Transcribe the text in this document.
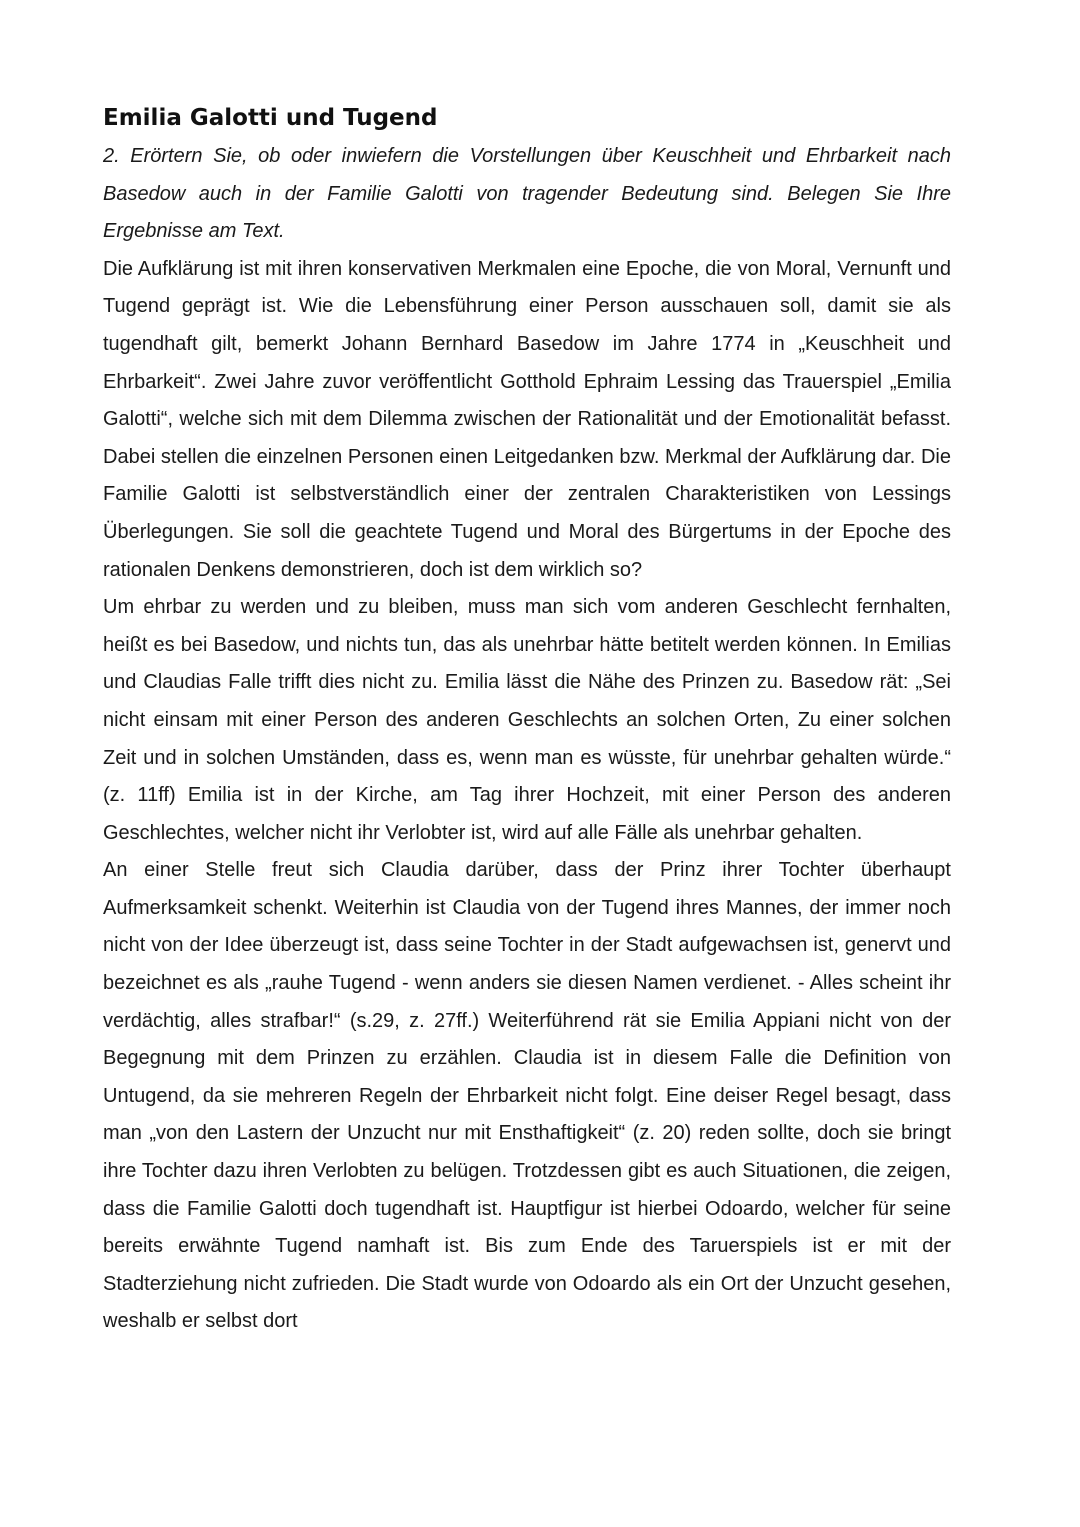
Emilia Galotti und Tugend

2. Erörtern Sie, ob oder inwiefern die Vorstellungen über Keuschheit und Ehrbarkeit nach Basedow auch in der Familie Galotti von tragender Bedeutung sind. Belegen Sie Ihre Ergebnisse am Text.

Die Aufklärung ist mit ihren konservativen Merkmalen eine Epoche, die von Moral, Vernunft und Tugend geprägt ist. Wie die Lebensführung einer Person ausschauen soll, damit sie als tugendhaft gilt, bemerkt Johann Bernhard Basedow im Jahre 1774 in „Keuschheit und Ehrbarkeit“. Zwei Jahre zuvor veröffentlicht Gotthold Ephraim Lessing das Trauerspiel „Emilia Galotti“, welche sich mit dem Dilemma zwischen der Rationalität und der Emotionalität befasst. Dabei stellen die einzelnen Personen einen Leitgedanken bzw. Merkmal der Aufklärung dar. Die Familie Galotti ist selbstverständlich einer der zentralen Charakteristiken von Lessings Überlegungen. Sie soll die geachtete Tugend und Moral des Bürgertums in der Epoche des rationalen Denkens demonstrieren, doch ist dem wirklich so?

Um ehrbar zu werden und zu bleiben, muss man sich vom anderen Geschlecht fernhalten, heißt es bei Basedow, und nichts tun, das als unehrbar hätte betitelt werden können. In Emilias und Claudias Falle trifft dies nicht zu. Emilia lässt die Nähe des Prinzen zu. Basedow rät: „Sei nicht einsam mit einer Person des anderen Geschlechts an solchen Orten, Zu einer solchen Zeit und in solchen Umständen, dass es, wenn man es wüsste, für unehrbar gehalten würde.“ (z. 11ff) Emilia ist in der Kirche, am Tag ihrer Hochzeit, mit einer Person des anderen Geschlechtes, welcher nicht ihr Verlobter ist, wird auf alle Fälle als unehrbar gehalten.

An einer Stelle freut sich Claudia darüber, dass der Prinz ihrer Tochter überhaupt Aufmerksamkeit schenkt. Weiterhin ist Claudia von der Tugend ihres Mannes, der immer noch nicht von der Idee überzeugt ist, dass seine Tochter in der Stadt aufgewachsen ist, genervt und bezeichnet es als „rauhe Tugend - wenn anders sie diesen Namen verdienet. - Alles scheint ihr verdächtig, alles strafbar!“ (s.29, z. 27ff.) Weiterführend rät sie Emilia Appiani nicht von der Begegnung mit dem Prinzen zu erzählen. Claudia ist in diesem Falle die Definition von Untugend, da sie mehreren Regeln der Ehrbarkeit nicht folgt. Eine deiser Regel besagt, dass man „von den Lastern der Unzucht nur mit Ensthaftigkeit“ (z. 20) reden sollte, doch sie bringt ihre Tochter dazu ihren Verlobten zu belügen. Trotzdessen gibt es auch Situationen, die zeigen, dass die Familie Galotti doch tugendhaft ist. Hauptfigur ist hierbei Odoardo, welcher für seine bereits erwähnte Tugend namhaft ist. Bis zum Ende des Taruerspiels ist er mit der Stadterziehung nicht zufrieden. Die Stadt wurde von Odoardo als ein Ort der Unzucht gesehen, weshalb er selbst dort
